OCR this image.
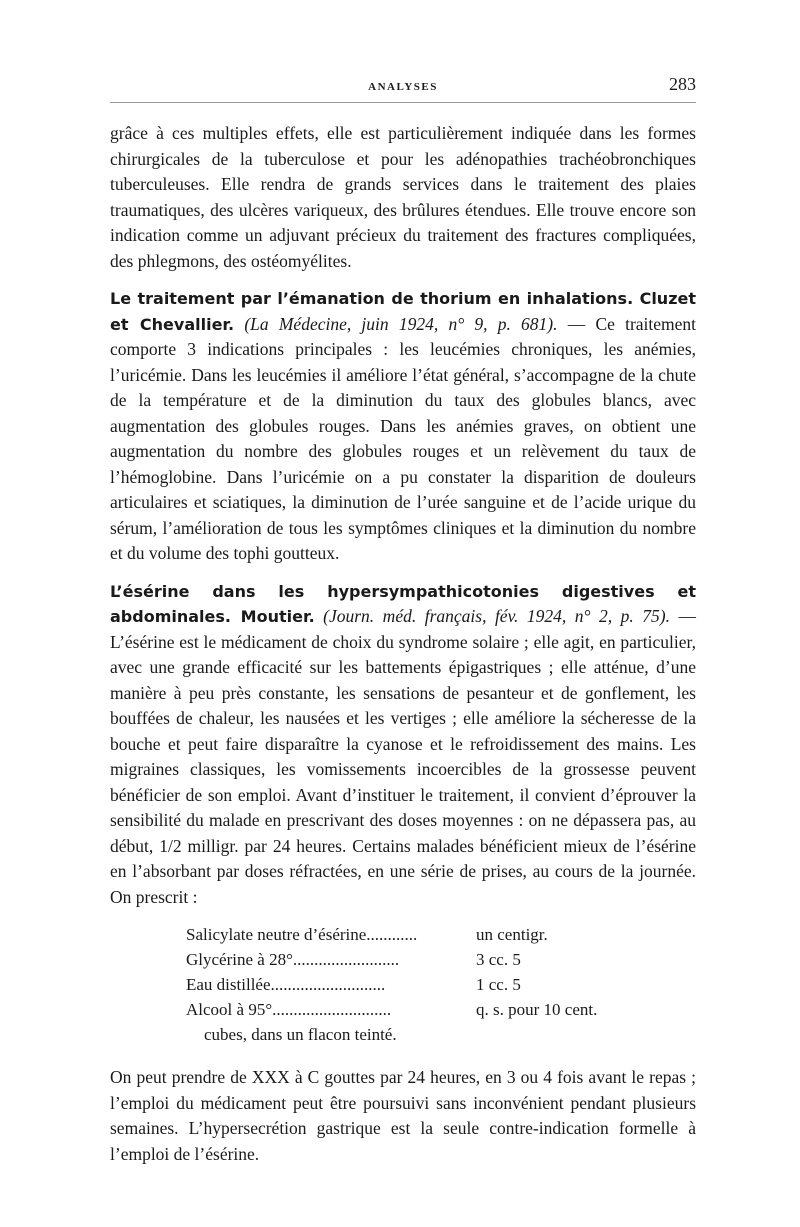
ANALYSES	283

grâce à ces multiples effets, elle est particulièrement indiquée dans les formes chirurgicales de la tuberculose et pour les adénopathies trachéobronchiques tuberculeuses. Elle rendra de grands services dans le traitement des plaies traumatiques, des ulcères variqueux, des brûlures étendues. Elle trouve encore son indication comme un adjuvant précieux du traitement des fractures compliquées, des phlegmons, des ostéomyélites.

Le traitement par l’émanation de thorium en inhalations. Cluzet et Chevallier. (La Médecine, juin 1924, n° 9, p. 681). — Ce traitement comporte 3 indications principales : les leucémies chroniques, les anémies, l’uricémie. Dans les leucémies il améliore l’état général, s’accompagne de la chute de la température et de la diminution du taux des globules blancs, avec augmentation des globules rouges. Dans les anémies graves, on obtient une augmentation du nombre des globules rouges et un relèvement du taux de l’hémoglobine. Dans l’uricémie on a pu constater la disparition de douleurs articulaires et sciatiques, la diminution de l’urée sanguine et de l’acide urique du sérum, l’amélioration de tous les symptômes cliniques et la diminution du nombre et du volume des tophi goutteux.

L’ésérine dans les hypersympathicotonies digestives et abdominales. Moutier. (Journ. méd. français, fév. 1924, n° 2, p. 75). — L’ésérine est le médicament de choix du syndrome solaire ; elle agit, en particulier, avec une grande efficacité sur les battements épigastriques ; elle atténue, d’une manière à peu près constante, les sensations de pesanteur et de gonflement, les bouffées de chaleur, les nausées et les vertiges ; elle améliore la sécheresse de la bouche et peut faire disparaître la cyanose et le refroidissement des mains. Les migraines classiques, les vomissements incoercibles de la grossesse peuvent bénéficier de son emploi. Avant d’instituer le traitement, il convient d’éprouver la sensibilité du malade en prescrivant des doses moyennes : on ne dépassera pas, au début, 1/2 milligr. par 24 heures. Certains malades bénéficient mieux de l’ésérine en l’absorbant par doses réfractées, en une série de prises, au cours de la journée. On prescrit :

Salicylate neutre d’ésérine............	un centigr.
Glycérine à 28°.........................	3 cc. 5
Eau distillée...........................	1 cc. 5
Alcool à 95°............................	q. s. pour 10 cent.
cubes, dans un flacon teinté.

On peut prendre de XXX à C gouttes par 24 heures, en 3 ou 4 fois avant le repas ; l’emploi du médicament peut être poursuivi sans inconvénient pendant plusieurs semaines. L’hypersecrétion gastrique est la seule contre-indication formelle à l’emploi de l’ésérine.
